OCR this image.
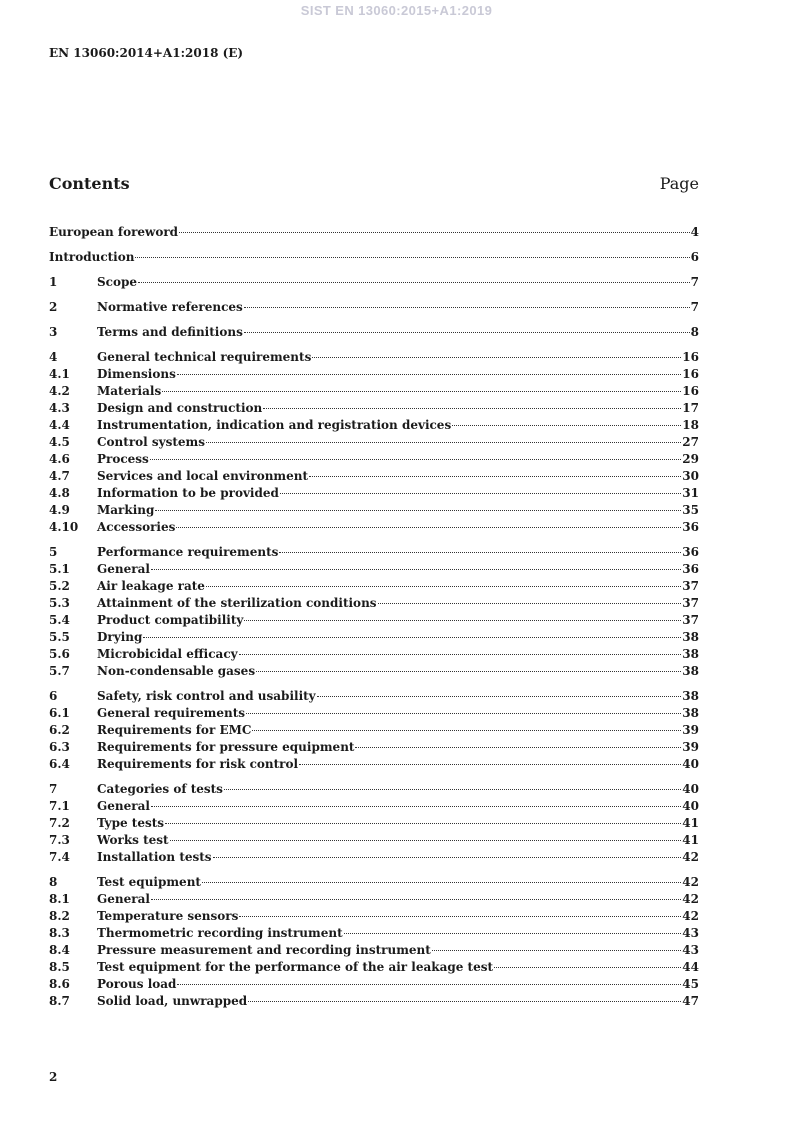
SIST EN 13060:2015+A1:2019
EN 13060:2014+A1:2018 (E)
Contents	Page
European foreword	4
Introduction	6
1	Scope	7
2	Normative references	7
3	Terms and definitions	8
4	General technical requirements	16
4.1	Dimensions	16
4.2	Materials	16
4.3	Design and construction	17
4.4	Instrumentation, indication and registration devices	18
4.5	Control systems	27
4.6	Process	29
4.7	Services and local environment	30
4.8	Information to be provided	31
4.9	Marking	35
4.10	Accessories	36
5	Performance requirements	36
5.1	General	36
5.2	Air leakage rate	37
5.3	Attainment of the sterilization conditions	37
5.4	Product compatibility	37
5.5	Drying	38
5.6	Microbicidal efficacy	38
5.7	Non-condensable gases	38
6	Safety, risk control and usability	38
6.1	General requirements	38
6.2	Requirements for EMC	39
6.3	Requirements for pressure equipment	39
6.4	Requirements for risk control	40
7	Categories of tests	40
7.1	General	40
7.2	Type tests	41
7.3	Works test	41
7.4	Installation tests	42
8	Test equipment	42
8.1	General	42
8.2	Temperature sensors	42
8.3	Thermometric recording instrument	43
8.4	Pressure measurement and recording instrument	43
8.5	Test equipment for the performance of the air leakage test	44
8.6	Porous load	45
8.7	Solid load, unwrapped	47
2
